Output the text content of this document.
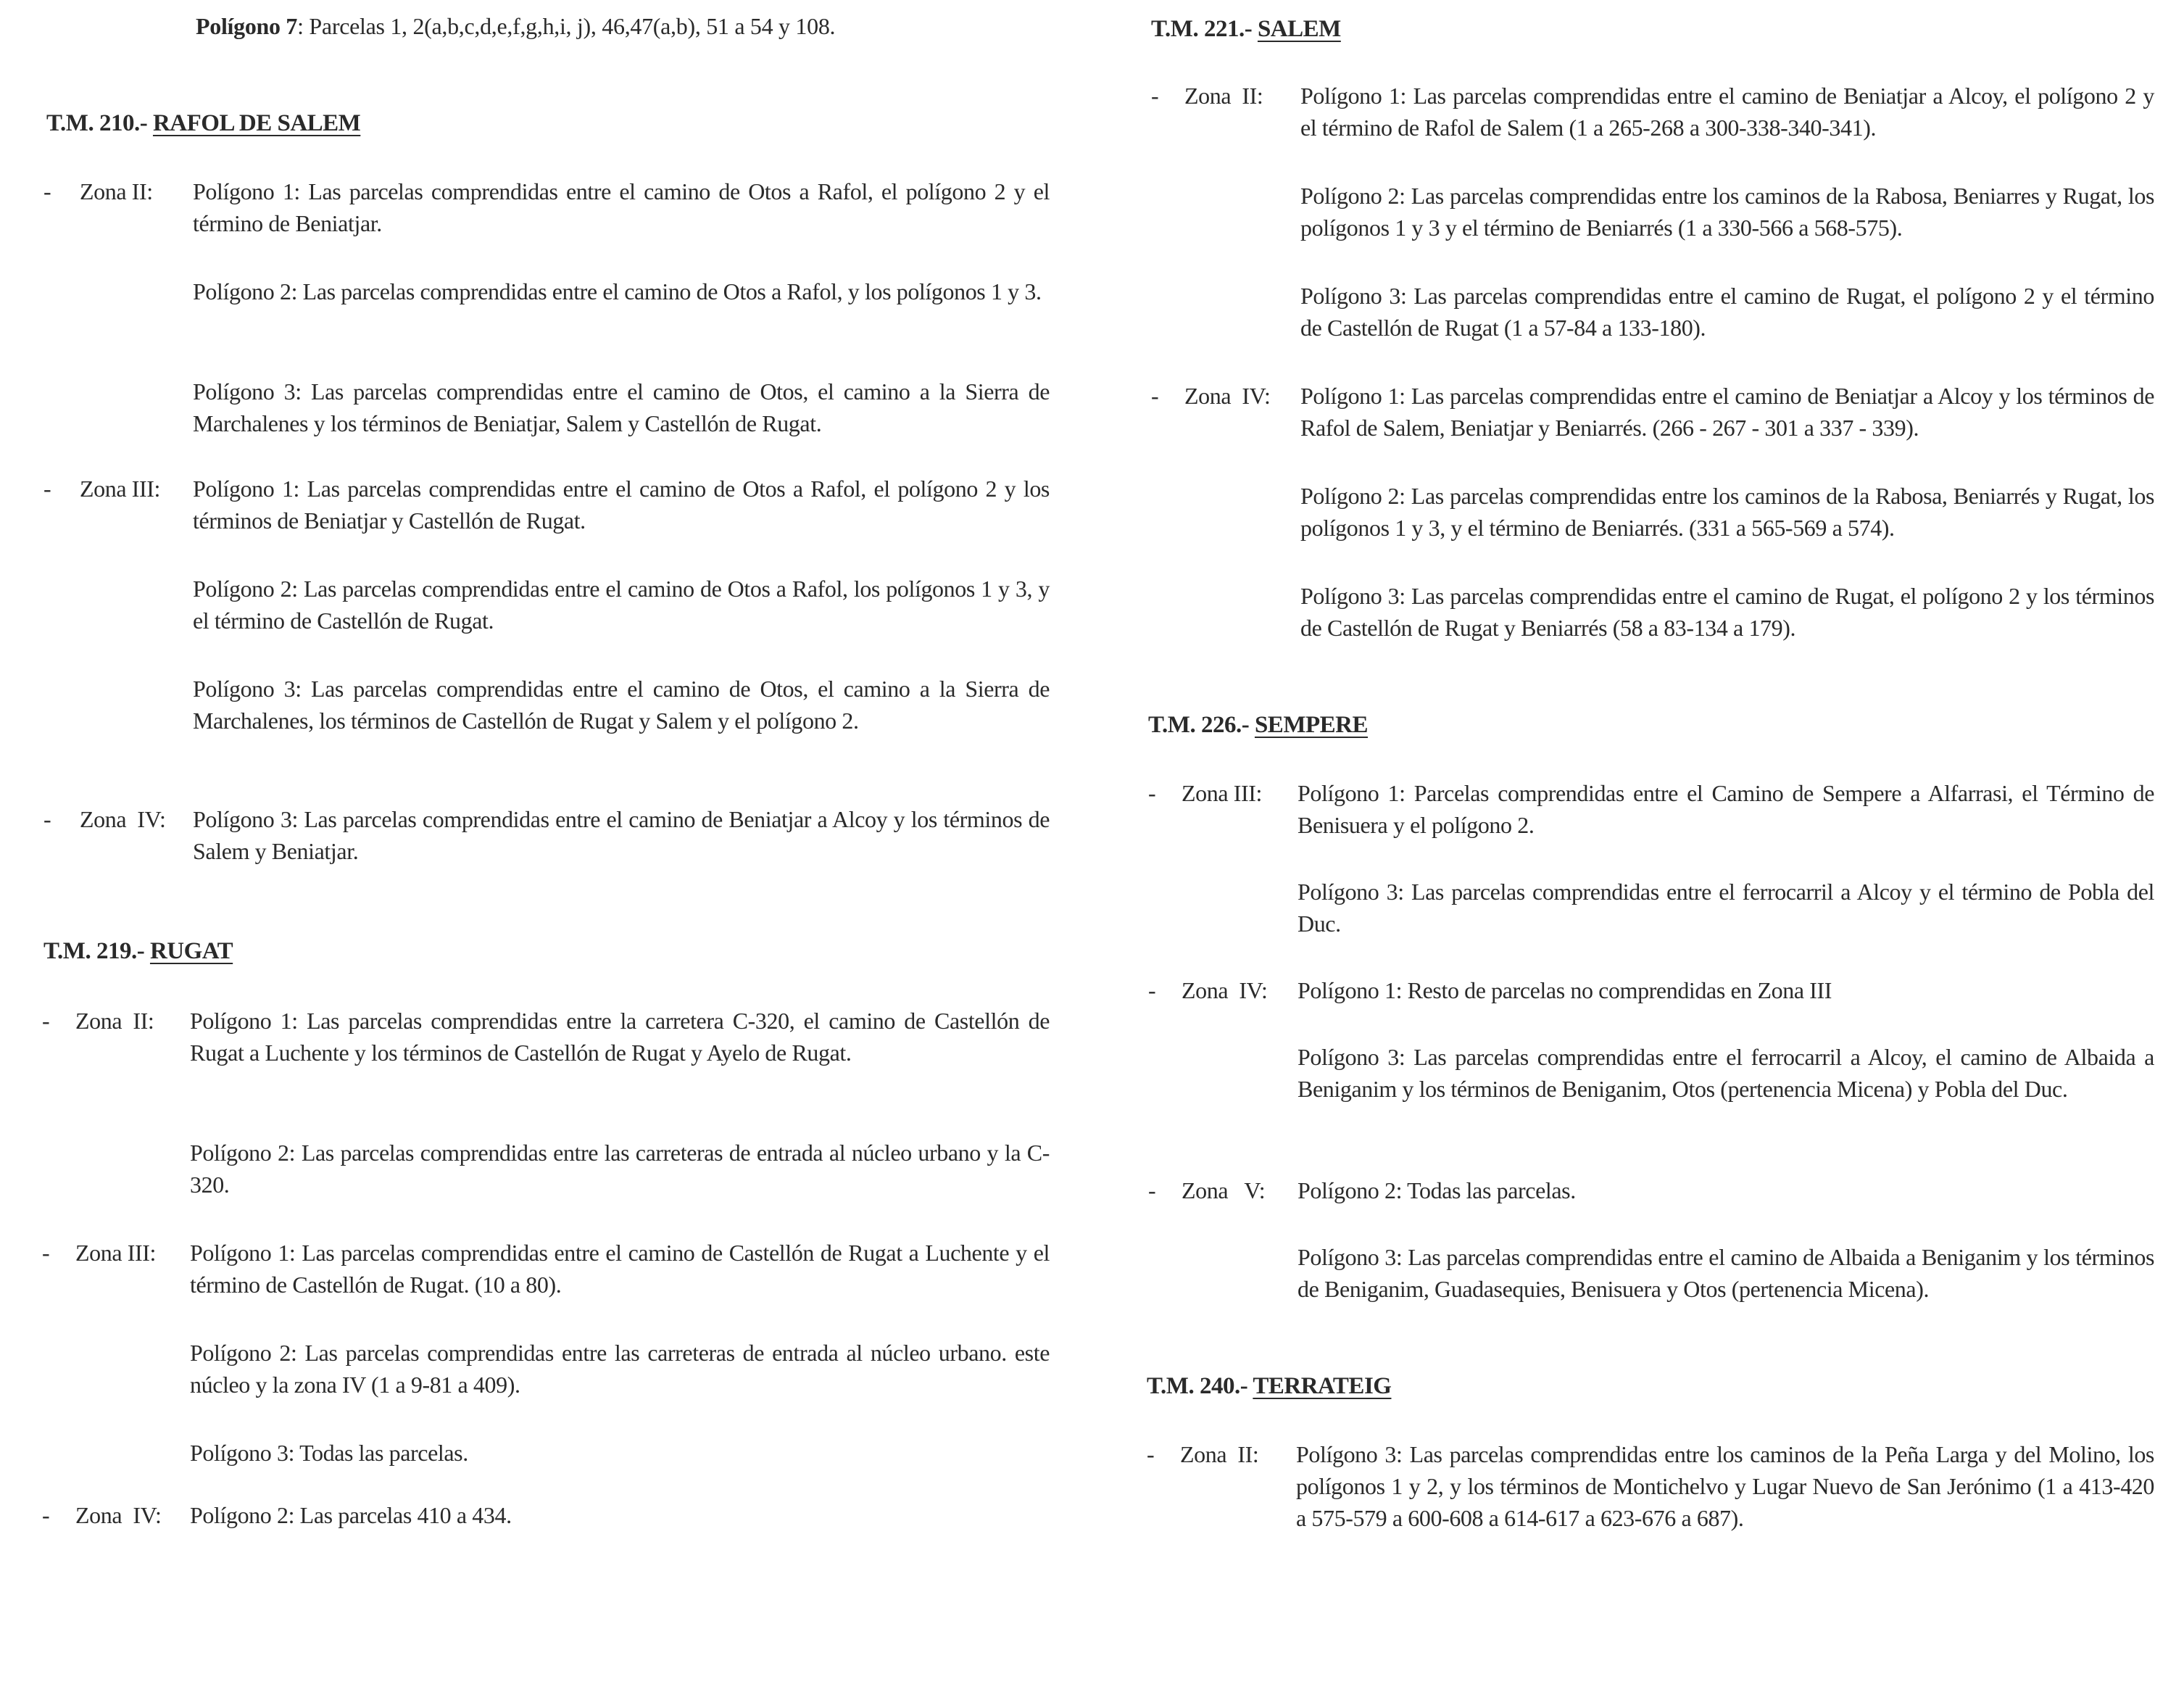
Polígono 7: Parcelas 1, 2(a,b,c,d,e,f,g,h,i, j), 46,47(a,b), 51 a 54 y 108.
T.M. 210.- RAFOL DE SALEM
- Zona II: Polígono 1: Las parcelas comprendidas entre el camino de Otos a Rafol, el polígono 2 y el término de Beniatjar.
Polígono 2: Las parcelas comprendidas entre el camino de Otos a Rafol, y los polígonos 1 y 3.
Polígono 3: Las parcelas comprendidas entre el camino de Otos, el camino a la Sierra de Marchalenes y los términos de Beniatjar, Salem y Castellón de Rugat.
- Zona III: Polígono 1: Las parcelas comprendidas entre el camino de Otos a Rafol, el polígono 2 y los términos de Beniatjar y Castellón de Rugat.
Polígono 2: Las parcelas comprendidas entre el camino de Otos a Rafol, los polígonos 1 y 3, y el término de Castellón de Rugat.
Polígono 3: Las parcelas comprendidas entre el camino de Otos, el camino a la Sierra de Marchalenes, los términos de Castellón de Rugat y Salem y el polígono 2.
- Zona  IV: Polígono 3: Las parcelas comprendidas entre el camino de Beniatjar a Alcoy y los términos de Salem y Beniatjar.
T.M. 219.- RUGAT
- Zona  II: Polígono 1: Las parcelas comprendidas entre la carretera C-320, el camino de Castellón de Rugat a Luchente y los términos de Castellón de Rugat y Ayelo de Rugat.
Polígono 2: Las parcelas comprendidas entre las carreteras de entrada al núcleo urbano y la C-320.
- Zona III: Polígono 1: Las parcelas comprendidas entre el camino de Castellón de Rugat a Luchente y el término de Castellón de Rugat. (10 a 80).
Polígono 2: Las parcelas comprendidas entre las carreteras de entrada al núcleo urbano. este núcleo y la zona IV (1 a 9-81 a 409).
Polígono 3: Todas las parcelas.
- Zona  IV: Polígono 2: Las parcelas 410 a 434.
T.M. 221.- SALEM
- Zona  II: Polígono 1: Las parcelas comprendidas entre el camino de Beniatjar a Alcoy, el polígono 2 y el término de Rafol de Salem (1 a 265-268 a 300-338-340-341).
Polígono 2: Las parcelas comprendidas entre los caminos de la Rabosa, Beniarres y Rugat, los polígonos 1 y 3 y el término de Beniarrés (1 a 330-566 a 568-575).
Polígono 3: Las parcelas comprendidas entre el camino de Rugat, el polígono 2 y el término de Castellón de Rugat (1 a 57-84 a 133-180).
- Zona  IV: Polígono 1: Las parcelas comprendidas entre el camino de Beniatjar a Alcoy y los términos de Rafol de Salem, Beniatjar y Beniarrés. (266 - 267 - 301 a 337 - 339).
Polígono 2: Las parcelas comprendidas entre los caminos de la Rabosa, Beniarrés y Rugat, los polígonos 1 y 3, y el término de Beniarrés. (331 a 565-569 a 574).
Polígono 3: Las parcelas comprendidas entre el camino de Rugat, el polígono 2 y los términos de Castellón de Rugat y Beniarrés (58 a 83-134 a 179).
T.M. 226.- SEMPERE
- Zona III: Polígono 1: Parcelas comprendidas entre el Camino de Sempere a Alfarrasi, el Término de Benisuera y el polígono 2.
Polígono 3: Las parcelas comprendidas entre el ferrocarril a Alcoy y el término de Pobla del Duc.
- Zona  IV: Polígono 1: Resto de parcelas no comprendidas en Zona III
Polígono 3: Las parcelas comprendidas entre el ferrocarril a Alcoy, el camino de Albaida a Beniganim y los términos de Beniganim, Otos (pertenencia Micena) y Pobla del Duc.
- Zona   V: Polígono 2: Todas las parcelas.
Polígono 3: Las parcelas comprendidas entre el camino de Albaida a Beniganim y los términos de Beniganim, Guadasequies, Benisuera y Otos (pertenencia Micena).
T.M. 240.- TERRATEIG
- Zona  II: Polígono 3: Las parcelas comprendidas entre los caminos de la Peña Larga y del Molino, los polígonos 1 y 2, y los términos de Montichelvo y Lugar Nuevo de San Jerónimo (1 a 413-420 a 575-579 a 600-608 a 614-617 a 623-676 a 687).
